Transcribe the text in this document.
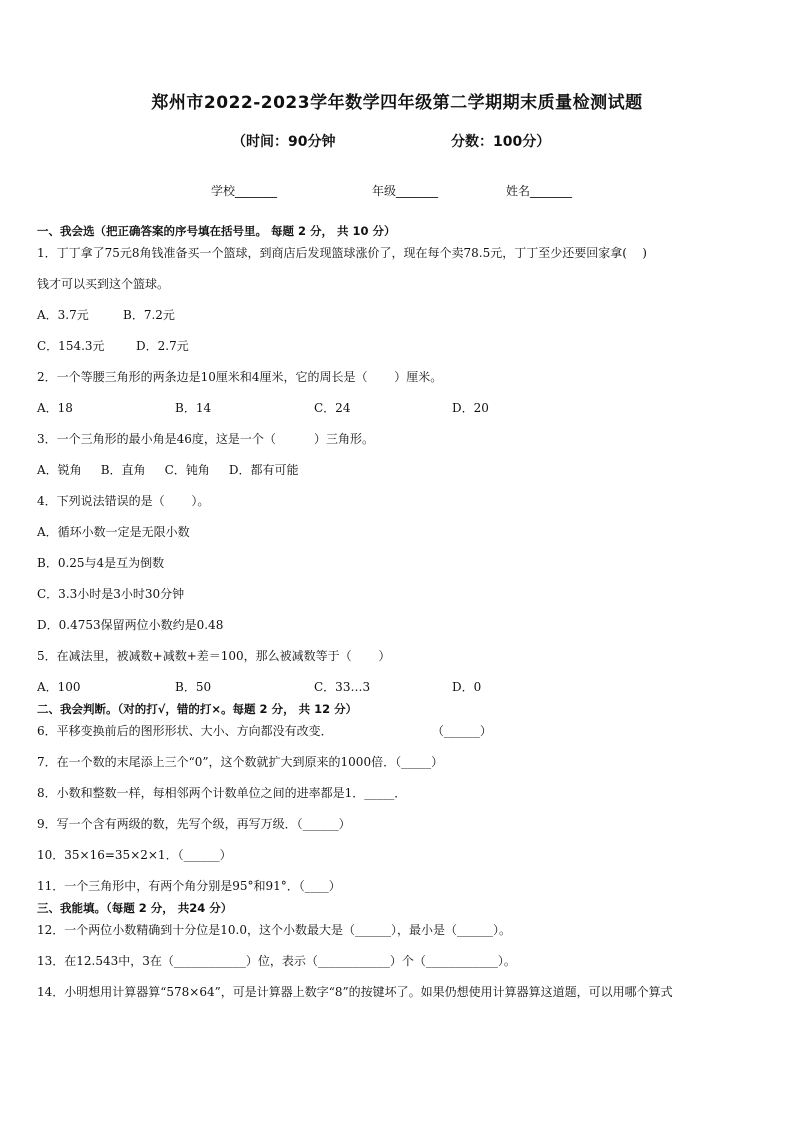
郑州市2022-2023学年数学四年级第二学期期末质量检测试题
（时间：90分钟	分数：100分）
学校_______	年级_______	姓名_______
一、我会选（把正确答案的序号填在括号里。 每题 2 分， 共 10 分）
1．丁丁拿了75元8角钱准备买一个篮球，到商店后发现篮球涨价了，现在每个卖78.5元，丁丁至少还要回家拿(    )
钱才可以买到这个篮球。
A．3.7元	B．7.2元
C．154.3元	D．2.7元
2．一个等腰三角形的两条边是10厘米和4厘米，它的周长是（       ）厘米。
A．18	B．14	C．24	D．20
3．一个三角形的最小角是46度，这是一个（          ）三角形。
A．锐角     B．直角     C．钝角     D．都有可能
4．下列说法错误的是（       ）。
A．循环小数一定是无限小数
B．0.25与4是互为倒数
C．3.3小时是3小时30分钟
D．0.4753保留两位小数约是0.48
5．在减法里，被减数+减数+差＝100，那么被减数等于（       ）
A．100	B．50	C．33…3	D．0
二、我会判断。（对的打√，错的打×。每题 2 分， 共 12 分）
6．平移变换前后的图形形状、大小、方向都没有改变．                          （______）
7．在一个数的末尾添上三个“0”，这个数就扩大到原来的1000倍．（_____）
8．小数和整数一样，每相邻两个计数单位之间的进率都是1．_____．
9．写一个含有两级的数，先写个级，再写万级．（______）
10．35×16=35×2×1．（______）
11．一个三角形中，有两个角分别是95°和91°．（____）
三、我能填。（每题 2 分， 共24 分）
12．一个两位小数精确到十分位是10.0，这个小数最大是（______），最小是（______）。
13．在12.543中，3在（____________）位，表示（____________）个（____________）。
14．小明想用计算器算“578×64”，可是计算器上数字“8”的按键坏了。如果仍想使用计算器算这道题，可以用哪个算式
